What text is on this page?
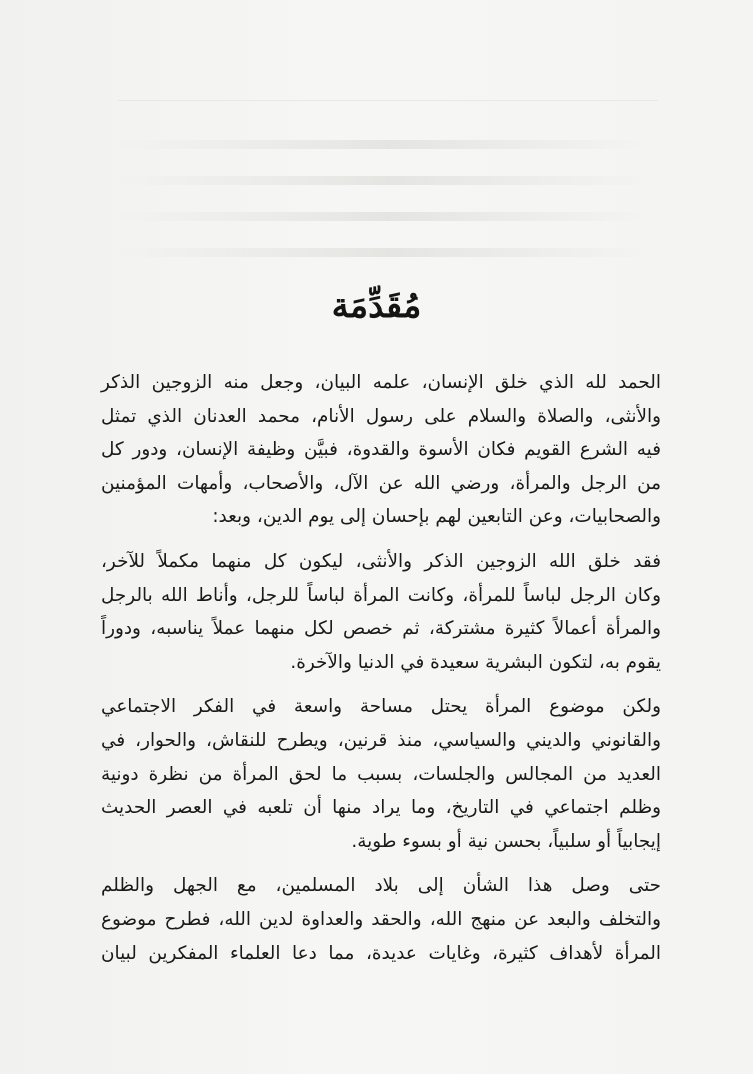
مُقَدِّمَة

الحمد لله الذي خلق الإنسان، علمه البيان، وجعل منه الزوجين الذكر
والأنثى، والصلاة والسلام على رسول الأنام، محمد العدنان الذي تمثل
فيه الشرع القويم فكان الأسوة والقدوة، فبيَّن وظيفة الإنسان، ودور كل
من الرجل والمرأة، ورضي الله عن الآل، والأصحاب، وأمهات المؤمنين
والصحابيات، وعن التابعين لهم بإحسان إلى يوم الدين، وبعد:

فقد خلق الله الزوجين الذكر والأنثى، ليكون كل منهما مكملاً للآخر،
وكان الرجل لباساً للمرأة، وكانت المرأة لباساً للرجل، وأناط الله بالرجل
والمرأة أعمالاً كثيرة مشتركة، ثم خصص لكل منهما عملاً يناسبه، ودوراً
يقوم به، لتكون البشرية سعيدة في الدنيا والآخرة.

ولكن موضوع المرأة يحتل مساحة واسعة في الفكر الاجتماعي
والقانوني والديني والسياسي، منذ قرنين، ويطرح للنقاش، والحوار، في
العديد من المجالس والجلسات، بسبب ما لحق المرأة من نظرة دونية
وظلم اجتماعي في التاريخ، وما يراد منها أن تلعبه في العصر الحديث
إيجابياً أو سلبياً، بحسن نية أو بسوء طوية.

حتى وصل هذا الشأن إلى بلاد المسلمين، مع الجهل والظلم
والتخلف والبعد عن منهج الله، والحقد والعداوة لدين الله، فطرح موضوع
المرأة لأهداف كثيرة، وغايات عديدة، مما دعا العلماء المفكرين لبيان
